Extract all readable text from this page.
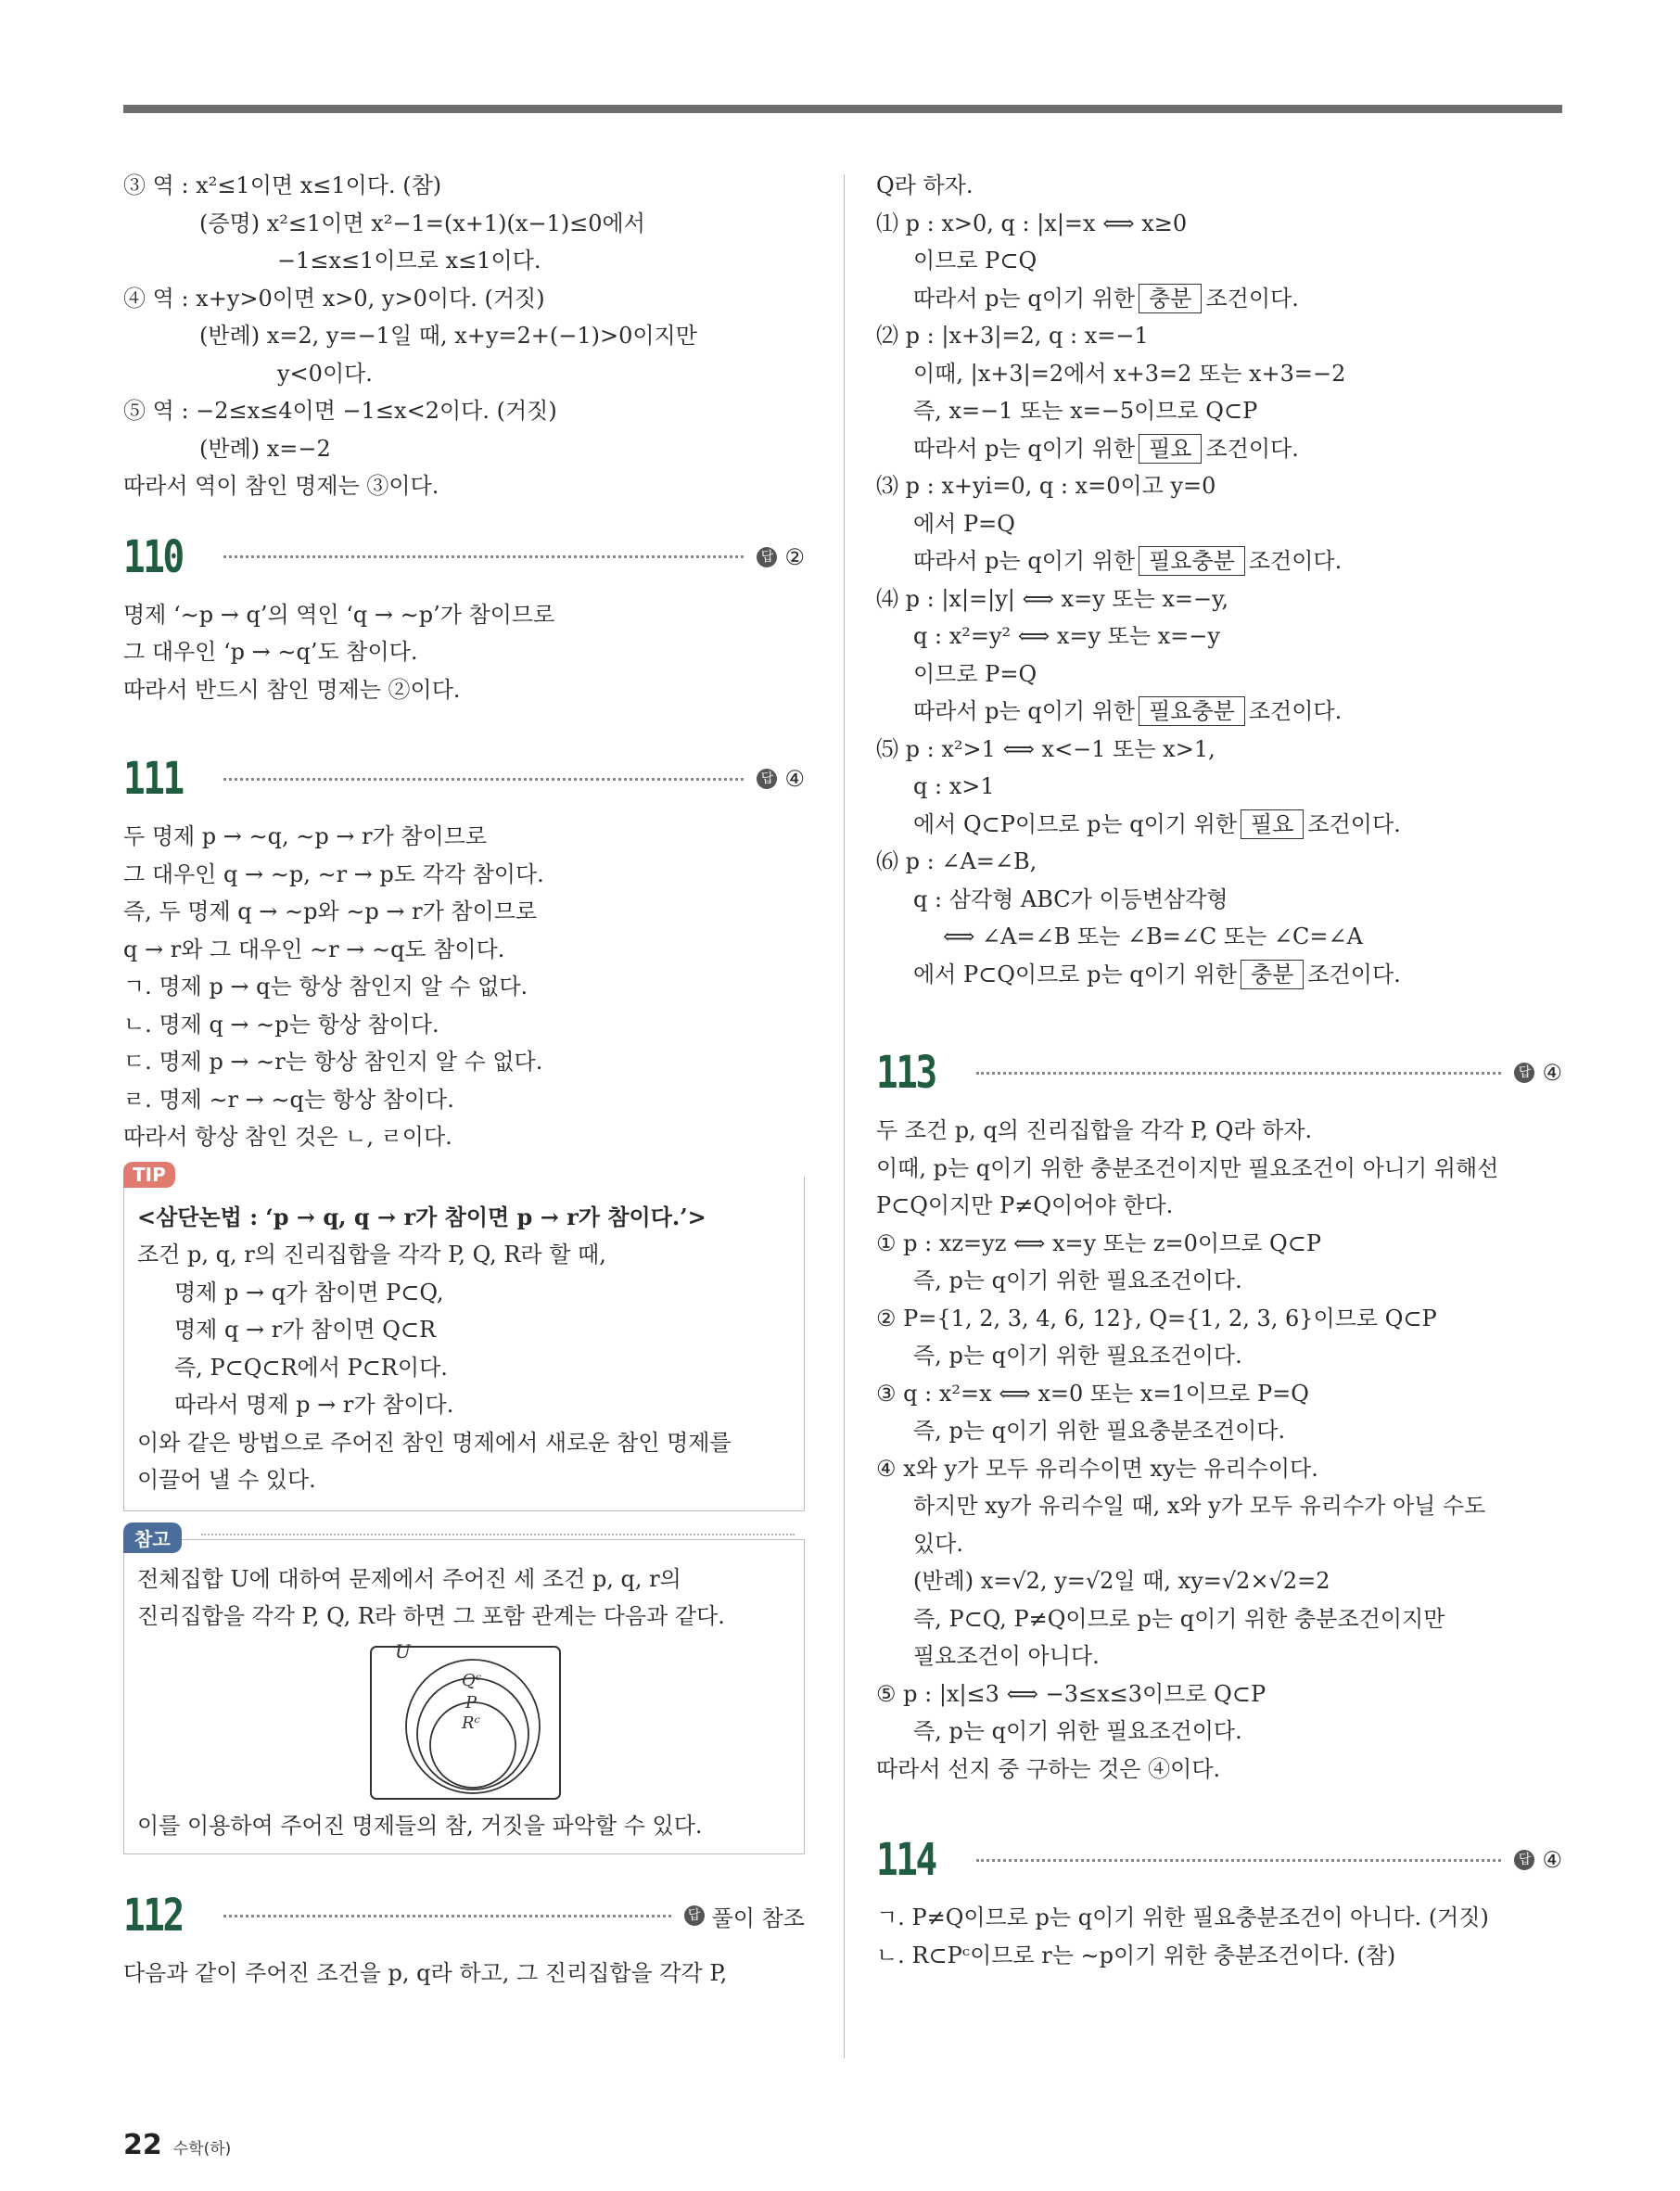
③ 역 : x²≤1이면 x≤1이다. (참)
(증명) x²≤1이면 x²−1=(x+1)(x−1)≤0에서
−1≤x≤1이므로 x≤1이다.
④ 역 : x+y>0이면 x>0, y>0이다. (거짓)
(반례) x=2, y=−1일 때, x+y=2+(−1)>0이지만
y<0이다.
⑤ 역 : −2≤x≤4이면 −1≤x<2이다. (거짓)
(반례) x=−2
따라서 역이 참인 명제는 ③이다.
110	답 ②
명제 ‘∼p → q’의 역인 ‘q → ∼p’가 참이므로
그 대우인 ‘p → ∼q’도 참이다.
따라서 반드시 참인 명제는 ②이다.
111	답 ④
두 명제 p → ∼q, ∼p → r가 참이므로
그 대우인 q → ∼p, ∼r → p도 각각 참이다.
즉, 두 명제 q → ∼p와 ∼p → r가 참이므로
q → r와 그 대우인 ∼r → ∼q도 참이다.
ㄱ. 명제 p → q는 항상 참인지 알 수 없다.
ㄴ. 명제 q → ∼p는 항상 참이다.
ㄷ. 명제 p → ∼r는 항상 참인지 알 수 없다.
ㄹ. 명제 ∼r → ∼q는 항상 참이다.
따라서 항상 참인 것은 ㄴ, ㄹ이다.
TIP
<삼단논법 : ‘p → q, q → r가 참이면 p → r가 참이다.’>
조건 p, q, r의 진리집합을 각각 P, Q, R라 할 때,
명제 p → q가 참이면 P⊂Q,
명제 q → r가 참이면 Q⊂R
즉, P⊂Q⊂R에서 P⊂R이다.
따라서 명제 p → r가 참이다.
이와 같은 방법으로 주어진 참인 명제에서 새로운 참인 명제를
이끌어 낼 수 있다.
참고
전체집합 U에 대하여 문제에서 주어진 세 조건 p, q, r의
진리집합을 각각 P, Q, R라 하면 그 포함 관계는 다음과 같다.
U
Qᶜ
P
Rᶜ
이를 이용하여 주어진 명제들의 참, 거짓을 파악할 수 있다.
112	답 풀이 참조
다음과 같이 주어진 조건을 p, q라 하고, 그 진리집합을 각각 P,
Q라 하자.
⑴ p : x>0, q : |x|=x ⟺ x≥0
이므로 P⊂Q
따라서 p는 q이기 위한 충분 조건이다.
⑵ p : |x+3|=2, q : x=−1
이때, |x+3|=2에서 x+3=2 또는 x+3=−2
즉, x=−1 또는 x=−5이므로 Q⊂P
따라서 p는 q이기 위한 필요 조건이다.
⑶ p : x+yi=0, q : x=0이고 y=0
에서 P=Q
따라서 p는 q이기 위한 필요충분 조건이다.
⑷ p : |x|=|y| ⟺ x=y 또는 x=−y,
q : x²=y² ⟺ x=y 또는 x=−y
이므로 P=Q
따라서 p는 q이기 위한 필요충분 조건이다.
⑸ p : x²>1 ⟺ x<−1 또는 x>1,
q : x>1
에서 Q⊂P이므로 p는 q이기 위한 필요 조건이다.
⑹ p : ∠A=∠B,
q : 삼각형 ABC가 이등변삼각형
⟺ ∠A=∠B 또는 ∠B=∠C 또는 ∠C=∠A
에서 P⊂Q이므로 p는 q이기 위한 충분 조건이다.
113	답 ④
두 조건 p, q의 진리집합을 각각 P, Q라 하자.
이때, p는 q이기 위한 충분조건이지만 필요조건이 아니기 위해선
P⊂Q이지만 P≠Q이어야 한다.
① p : xz=yz ⟺ x=y 또는 z=0이므로 Q⊂P
즉, p는 q이기 위한 필요조건이다.
② P={1, 2, 3, 4, 6, 12}, Q={1, 2, 3, 6}이므로 Q⊂P
즉, p는 q이기 위한 필요조건이다.
③ q : x²=x ⟺ x=0 또는 x=1이므로 P=Q
즉, p는 q이기 위한 필요충분조건이다.
④ x와 y가 모두 유리수이면 xy는 유리수이다.
하지만 xy가 유리수일 때, x와 y가 모두 유리수가 아닐 수도
있다.
(반례) x=√2, y=√2일 때, xy=√2×√2=2
즉, P⊂Q, P≠Q이므로 p는 q이기 위한 충분조건이지만
필요조건이 아니다.
⑤ p : |x|≤3 ⟺ −3≤x≤3이므로 Q⊂P
즉, p는 q이기 위한 필요조건이다.
따라서 선지 중 구하는 것은 ④이다.
114	답 ④
ㄱ. P≠Q이므로 p는 q이기 위한 필요충분조건이 아니다. (거짓)
ㄴ. R⊂Pᶜ이므로 r는 ∼p이기 위한 충분조건이다. (참)
22 수학(하)
